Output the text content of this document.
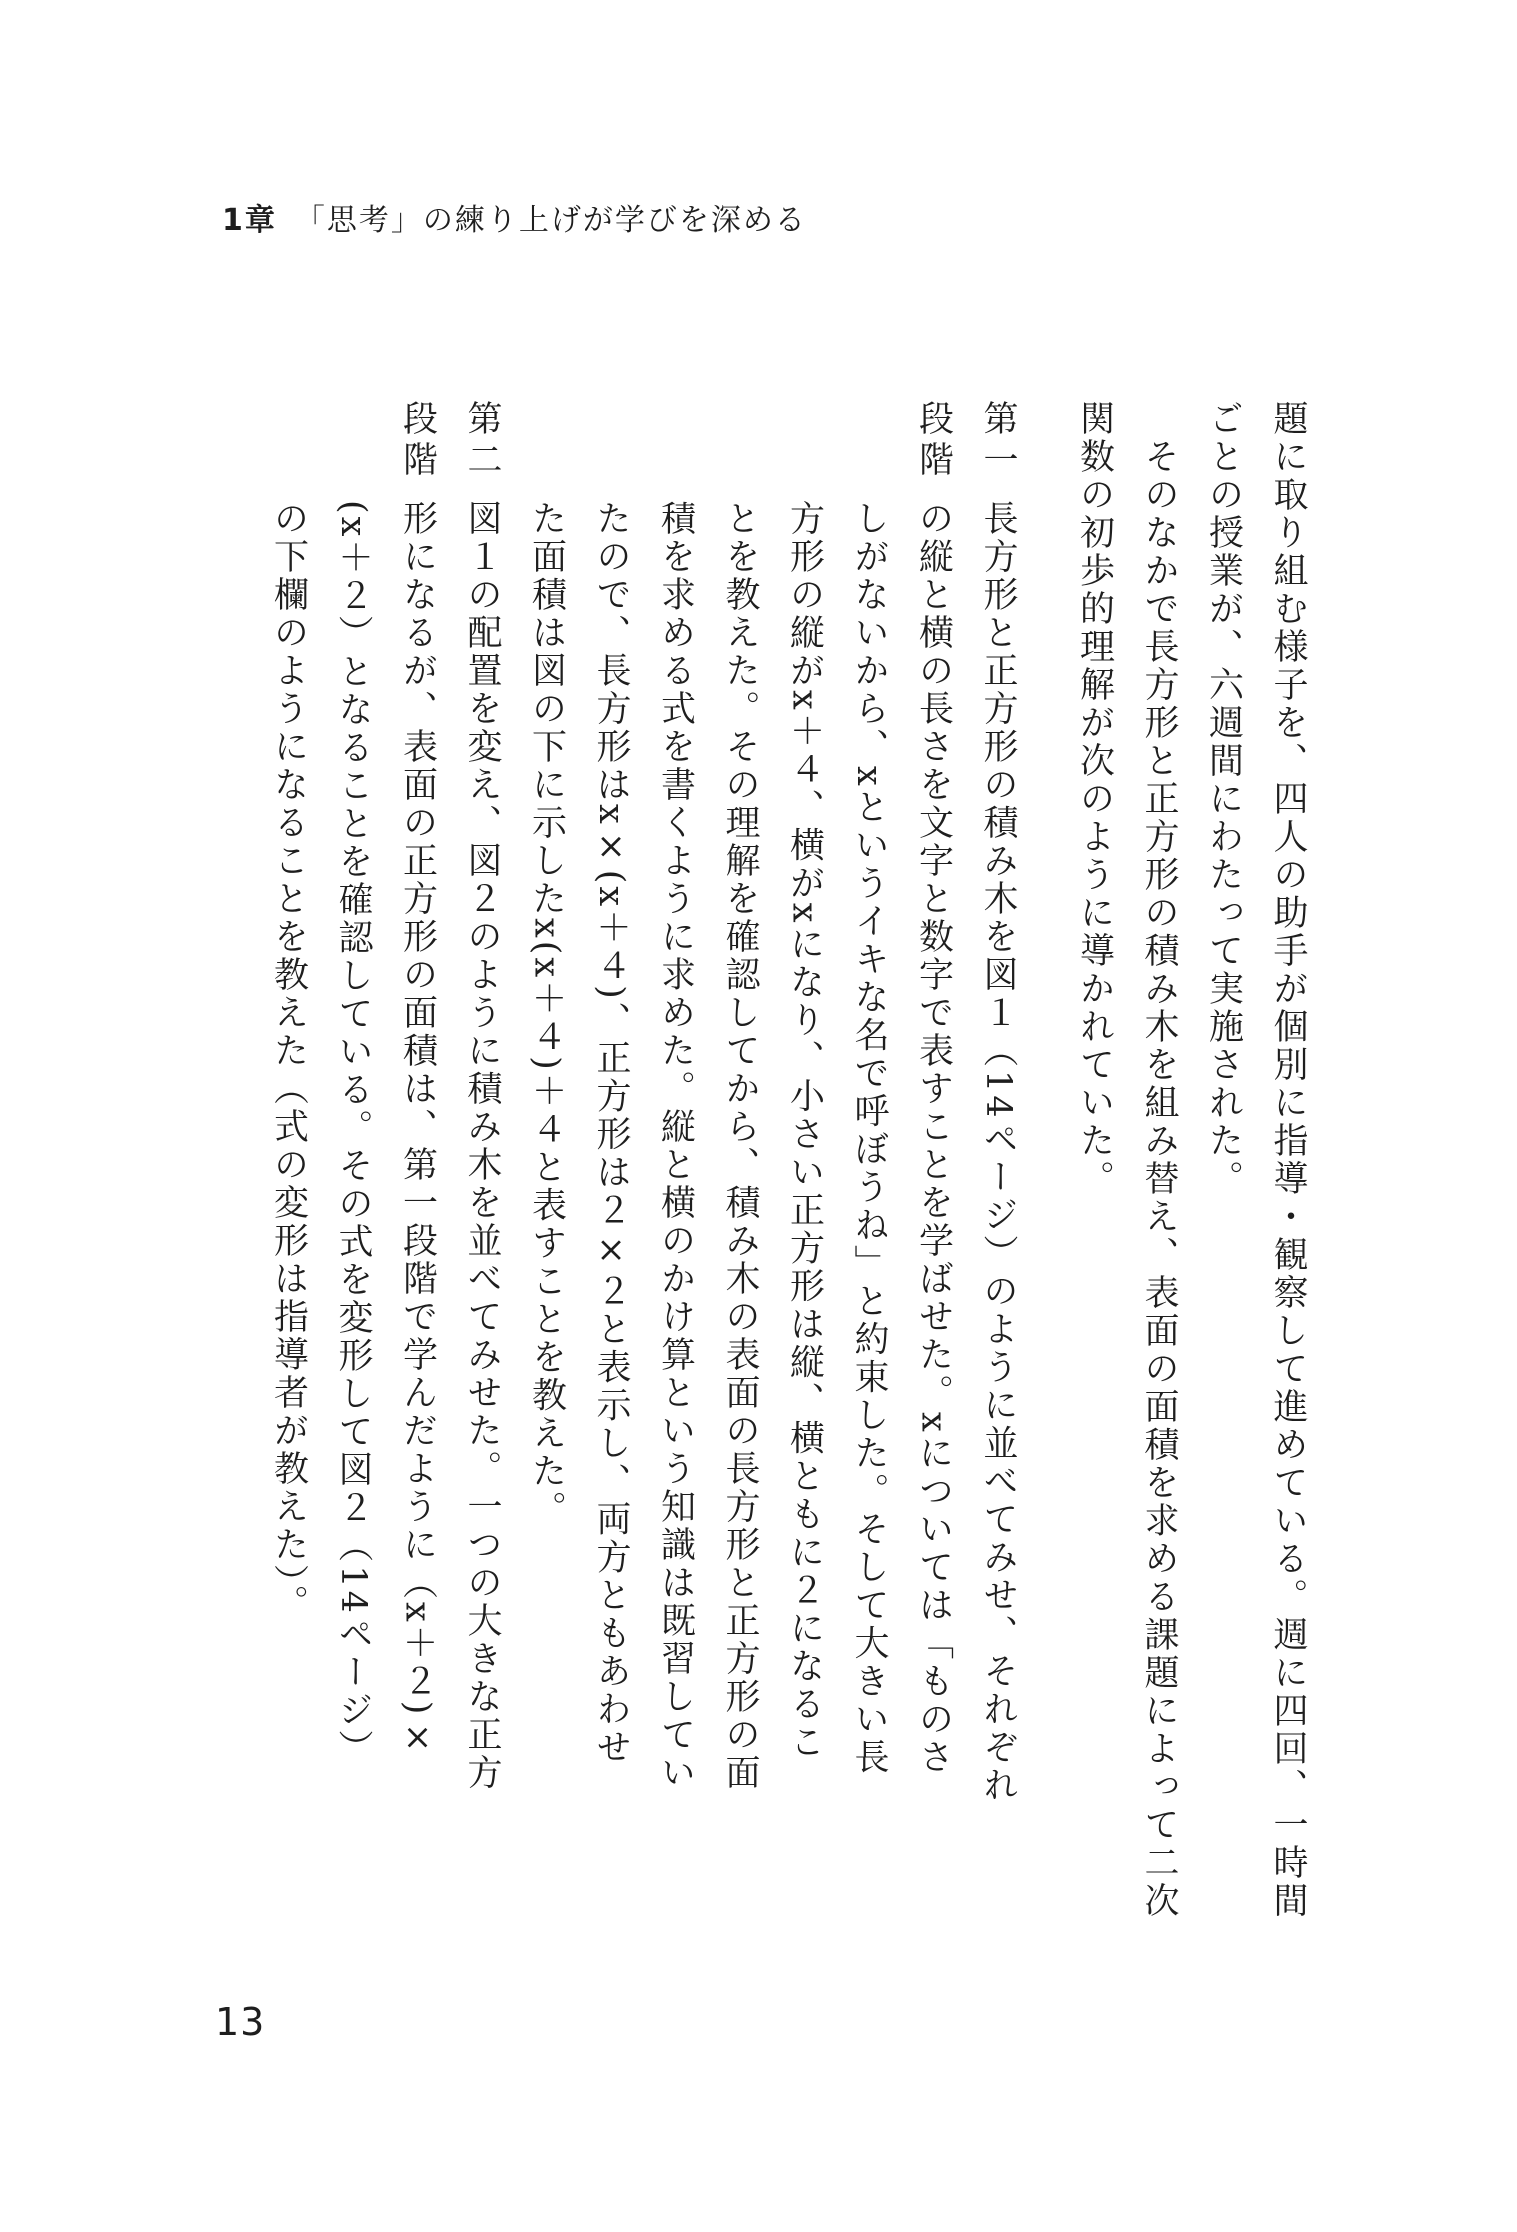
1章 「思考」の練り上げが学びを深める

題に取り組む様子を、四人の助手が個別に指導・観察して進めている。週に四回、一時間

ごとの授業が、六週間にわたって実施された。

　そのなかで長方形と正方形の積み木を組み替え、表面の面積を求める課題によって二次

関数の初歩的理解が次のように導かれていた。

第一段階
長方形と正方形の積み木を図１（14ページ）のように並べてみせ、それぞれ
の縦と横の長さを文字と数字で表すことを学ばせた。xについては「ものさ
しがないから、xというイキな名で呼ぼうね」と約束した。そして大きい長
方形の縦がx＋４、横がxになり、小さい正方形は縦、横ともに２になるこ
とを教えた。その理解を確認してから、積み木の表面の長方形と正方形の面
積を求める式を書くように求めた。縦と横のかけ算という知識は既習してい
たので、長方形はx×(x＋４)、正方形は２×２と表示し、両方ともあわせ
た面積は図の下に示したx(x＋４)＋４と表すことを教えた。
第二段階
図１の配置を変え、図２のように積み木を並べてみせた。一つの大きな正方
形になるが、表面の正方形の面積は、第一段階で学んだように（x＋２)×
(x＋２）となることを確認している。その式を変形して図２（14ページ）
の下欄のようになることを教えた（式の変形は指導者が教えた）。
13
